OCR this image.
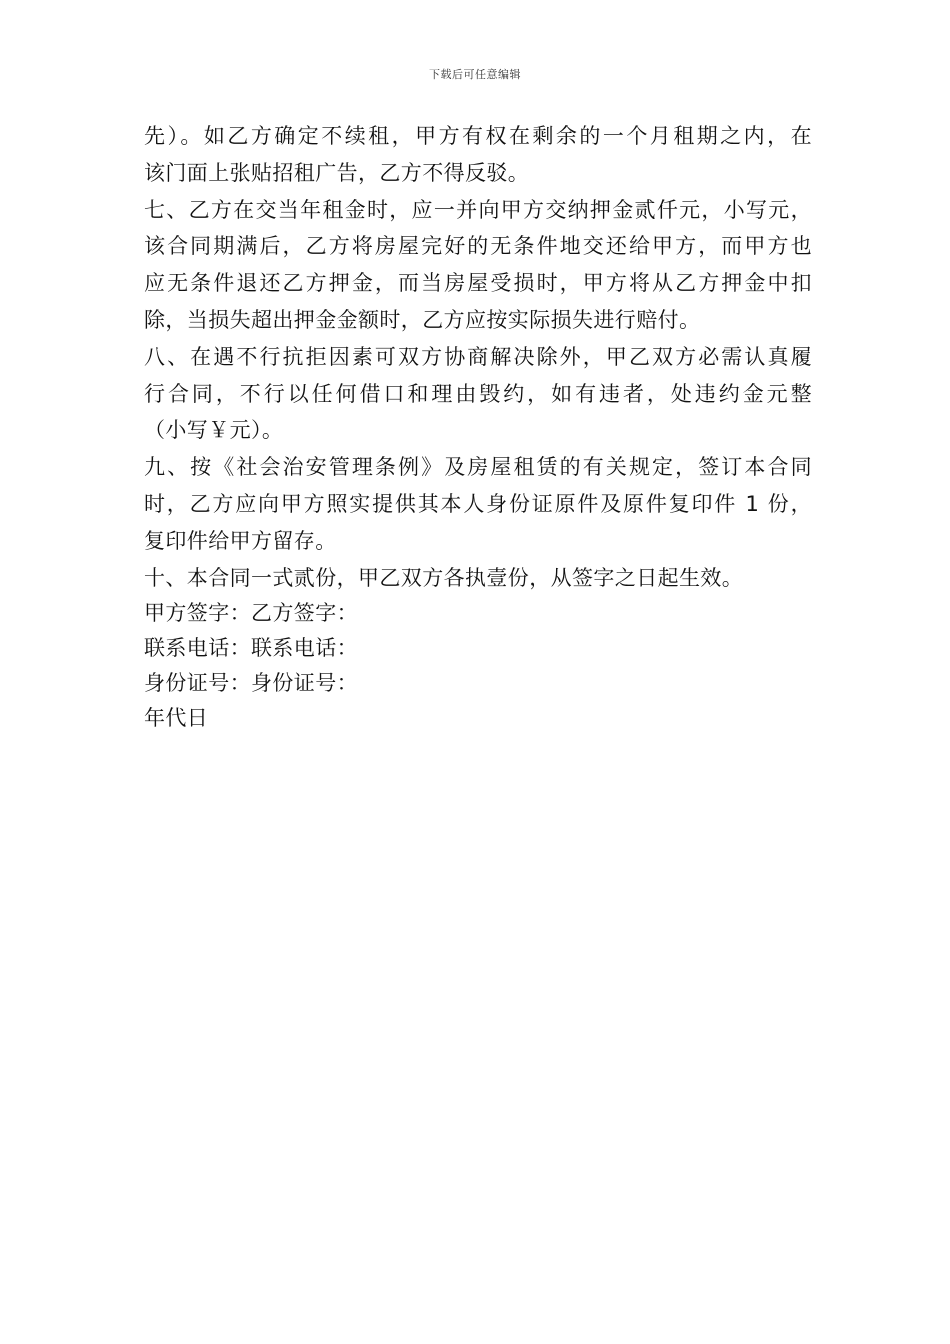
下载后可任意编辑
先）。如乙方确定不续租，甲方有权在剩余的一个月租期之内，在
该门面上张贴招租广告，乙方不得反驳。
七、乙方在交当年租金时，应一并向甲方交纳押金贰仟元，小写元，
该合同期满后，乙方将房屋完好的无条件地交还给甲方，而甲方也
应无条件退还乙方押金，而当房屋受损时，甲方将从乙方押金中扣
除，当损失超出押金金额时，乙方应按实际损失进行赔付。
八、在遇不行抗拒因素可双方协商解决除外，甲乙双方必需认真履
行合同，不行以任何借口和理由毁约，如有违者，处违约金元整
（小写￥元）。
九、按《社会治安管理条例》及房屋租赁的有关规定，签订本合同
时，乙方应向甲方照实提供其本人身份证原件及原件复印件 1 份，
复印件给甲方留存。
十、本合同一式贰份，甲乙双方各执壹份，从签字之日起生效。
甲方签字：乙方签字：
联系电话：联系电话：
身份证号：身份证号：
年代日
